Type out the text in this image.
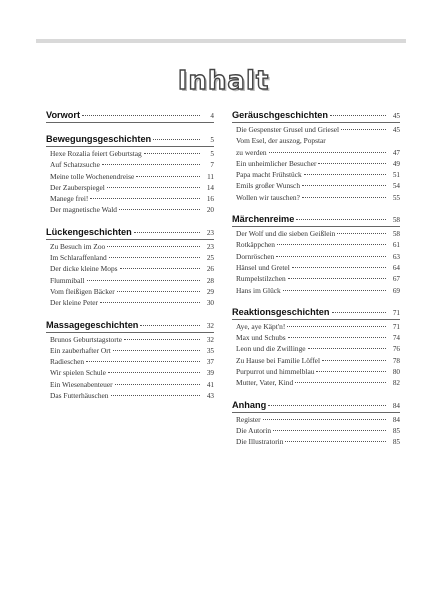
Inhalt
Vorwort	4
Bewegungsgeschichten	5
Hexe Rozalia feiert Geburtstag	5
Auf Schatzsuche	7
Meine tolle Wochenendreise	11
Der Zauberspiegel	14
Manege frei!	16
Der magnetische Wald	20
Lückengeschichten	23
Zu Besuch im Zoo	23
Im Schlaraffenland	25
Der dicke kleine Mops	26
Flummiball	28
Vom fleißigen Bäcker	29
Der kleine Peter	30
Massagegeschichten	32
Brunos Geburtstagstorte	32
Ein zauberhafter Ort	35
Radieschen	37
Wir spielen Schule	39
Ein Wiesenabenteuer	41
Das Futterhäuschen	43
Geräuschgeschichten	45
Die Gespenster Grusel und Griesel	45
Vom Esel, der auszog, Popstar
zu werden	47
Ein unheimlicher Besucher	49
Papa macht Frühstück	51
Emils großer Wunsch	54
Wollen wir tauschen?	55
Märchenreime	58
Der Wolf und die sieben Geißlein	58
Rotkäppchen	61
Dornröschen	63
Hänsel und Gretel	64
Rumpelstilzchen	67
Hans im Glück	69
Reaktionsgeschichten	71
Aye, aye Käpt'n!	71
Max und Schubs	74
Leon und die Zwillinge	76
Zu Hause bei Familie Löffel	78
Purpurrot und himmelblau	80
Mutter, Vater, Kind	82
Anhang	84
Register	84
Die Autorin	85
Die Illustratorin	85
